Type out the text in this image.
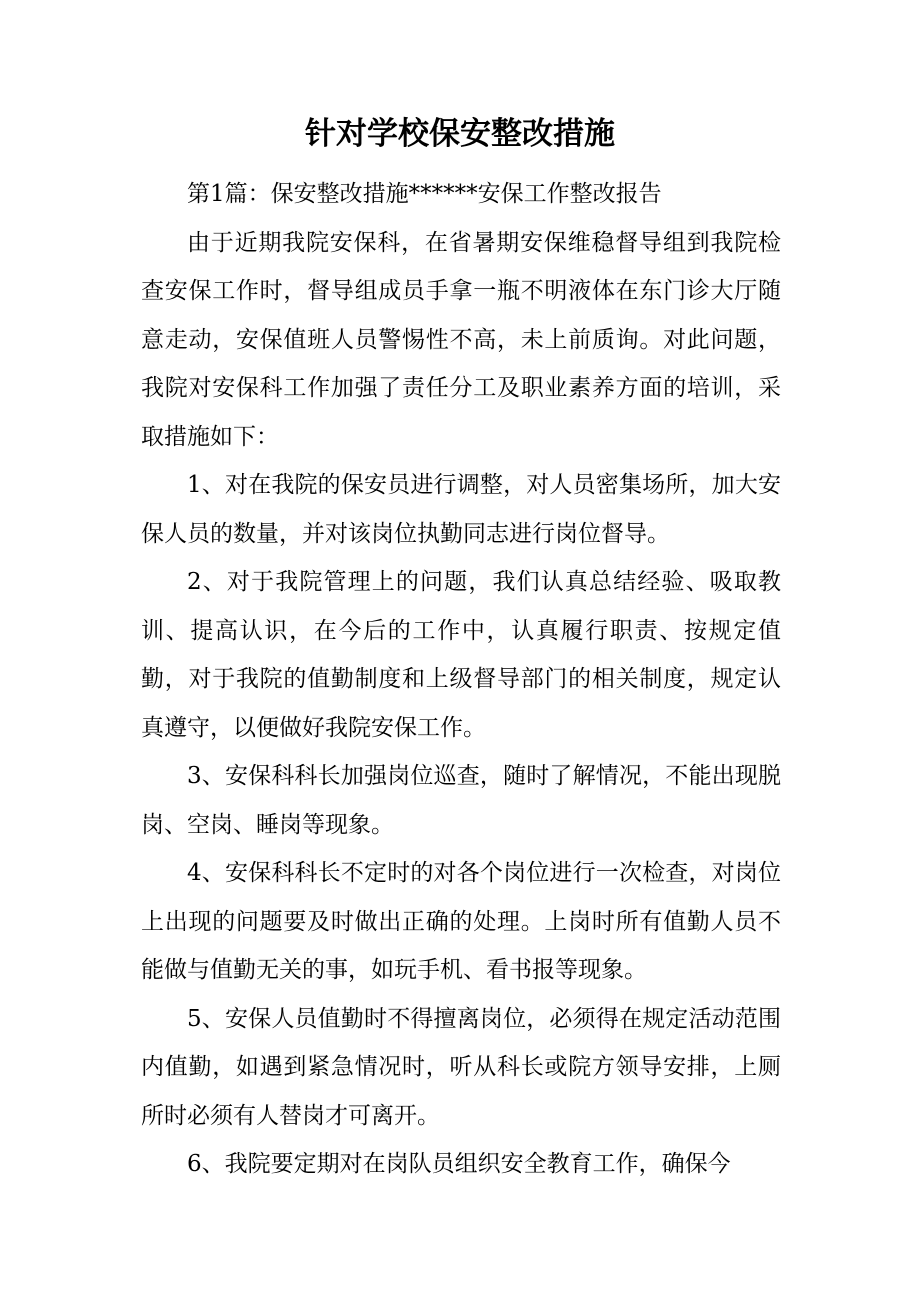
针对学校保安整改措施

第1篇：保安整改措施******安保工作整改报告

由于近期我院安保科，在省暑期安保维稳督导组到我院检查安保工作时，督导组成员手拿一瓶不明液体在东门诊大厅随意走动，安保值班人员警惕性不高，未上前质询。对此问题，我院对安保科工作加强了责任分工及职业素养方面的培训，采取措施如下：

1、对在我院的保安员进行调整，对人员密集场所，加大安保人员的数量，并对该岗位执勤同志进行岗位督导。

2、对于我院管理上的问题，我们认真总结经验、吸取教训、提高认识，在今后的工作中，认真履行职责、按规定值勤，对于我院的值勤制度和上级督导部门的相关制度，规定认真遵守，以便做好我院安保工作。

3、安保科科长加强岗位巡查，随时了解情况，不能出现脱岗、空岗、睡岗等现象。

4、安保科科长不定时的对各个岗位进行一次检查，对岗位上出现的问题要及时做出正确的处理。上岗时所有值勤人员不能做与值勤无关的事，如玩手机、看书报等现象。

5、安保人员值勤时不得擅离岗位，必须得在规定活动范围内值勤，如遇到紧急情况时，听从科长或院方领导安排，上厕所时必须有人替岗才可离开。

6、我院要定期对在岗队员组织安全教育工作，确保今
